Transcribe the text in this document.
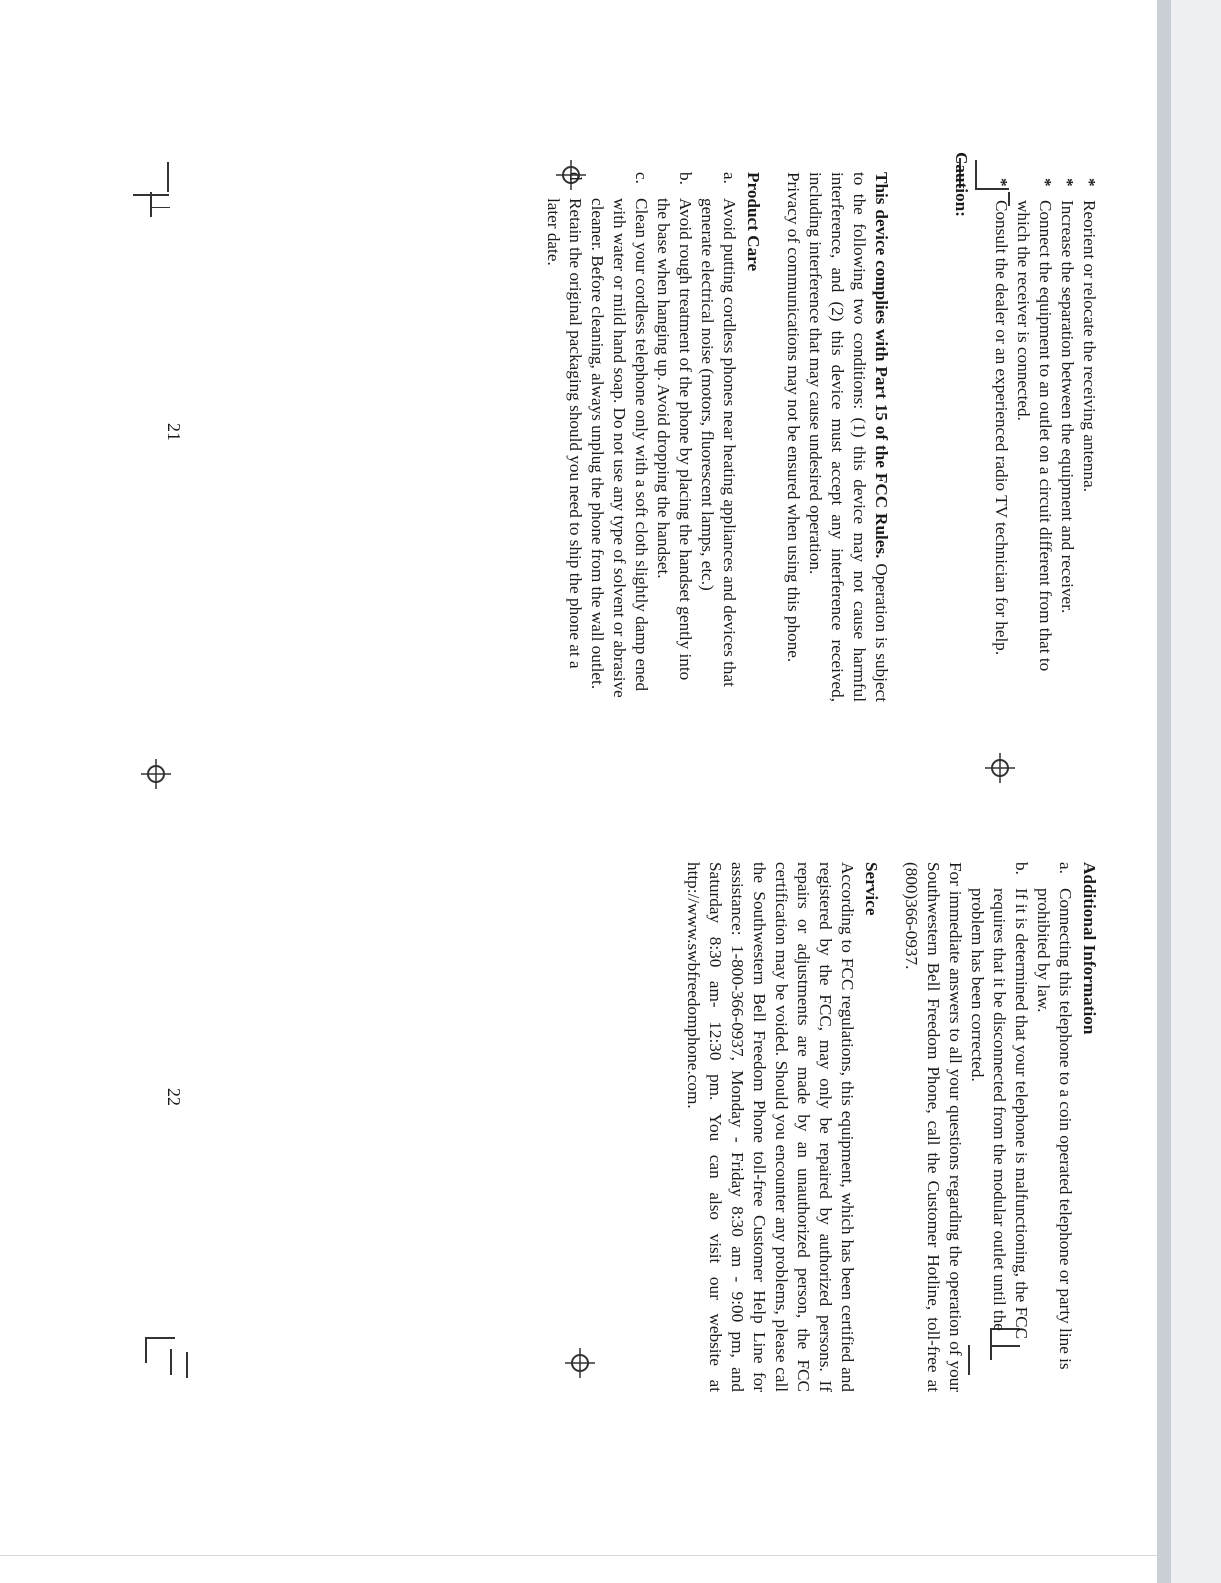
*
Reorient or relocate the receiving antenna.
*
Increase the separation between the equipment and receiver.
*
Connect the equipment to an outlet on a circuit different from that to which the receiver is connected.
*
Consult the dealer or an experienced radio TV technician for help.
Caution:

This device complies with Part 15 of the FCC Rules. Operation is subject to the following two conditions: (1) this device may not cause harmful interference, and (2) this device must accept any interference received, including interference that may cause undesired operation.

Privacy of communications may not be ensured when using this phone.

Product Care
a.
Avoid putting cordless phones near heating appliances and devices that generate electrical noise (motors, fluorescent lamps, etc.)
b.
Avoid rough treatment of the phone by placing the handset gently into the base when hanging up. Avoid dropping the handset.
c.
Clean your cordless telephone only with a soft cloth slightly damp ened with water or mild hand soap. Do not use any type of solvent or abrasive cleaner. Before cleaning, always unplug the phone from the wall outlet.
d.
Retain the original packaging should you need to ship the phone at a later date.
21
Additional Information
a.
Connecting this telephone to a coin operated telephone or party line is prohibited by law.
b.
If it is determined that your telephone is malfunctioning, the FCC requires that it be disconnected from the modular outlet until the problem has been corrected.

For immediate answers to all your questions regarding the operation of your Southwestern Bell Freedom Phone, call the Customer Hotline, toll-free at (800)366-0937.

Service

According to FCC regulations, this equipment, which has been certified and registered by the FCC, may only be repaired by authorized persons. If repairs or adjustments are made by an unauthorized person, the FCC certification may be voided. Should you encounter any problems, please call the Southwestern Bell Freedom Phone toll-free Customer Help Line for assistance: 1-800-366-0937, Monday - Friday 8:30 am - 9:00 pm, and Saturday 8:30 am- 12:30 pm. You can also visit our website at http://www.swbfreedomphone.com.

22
